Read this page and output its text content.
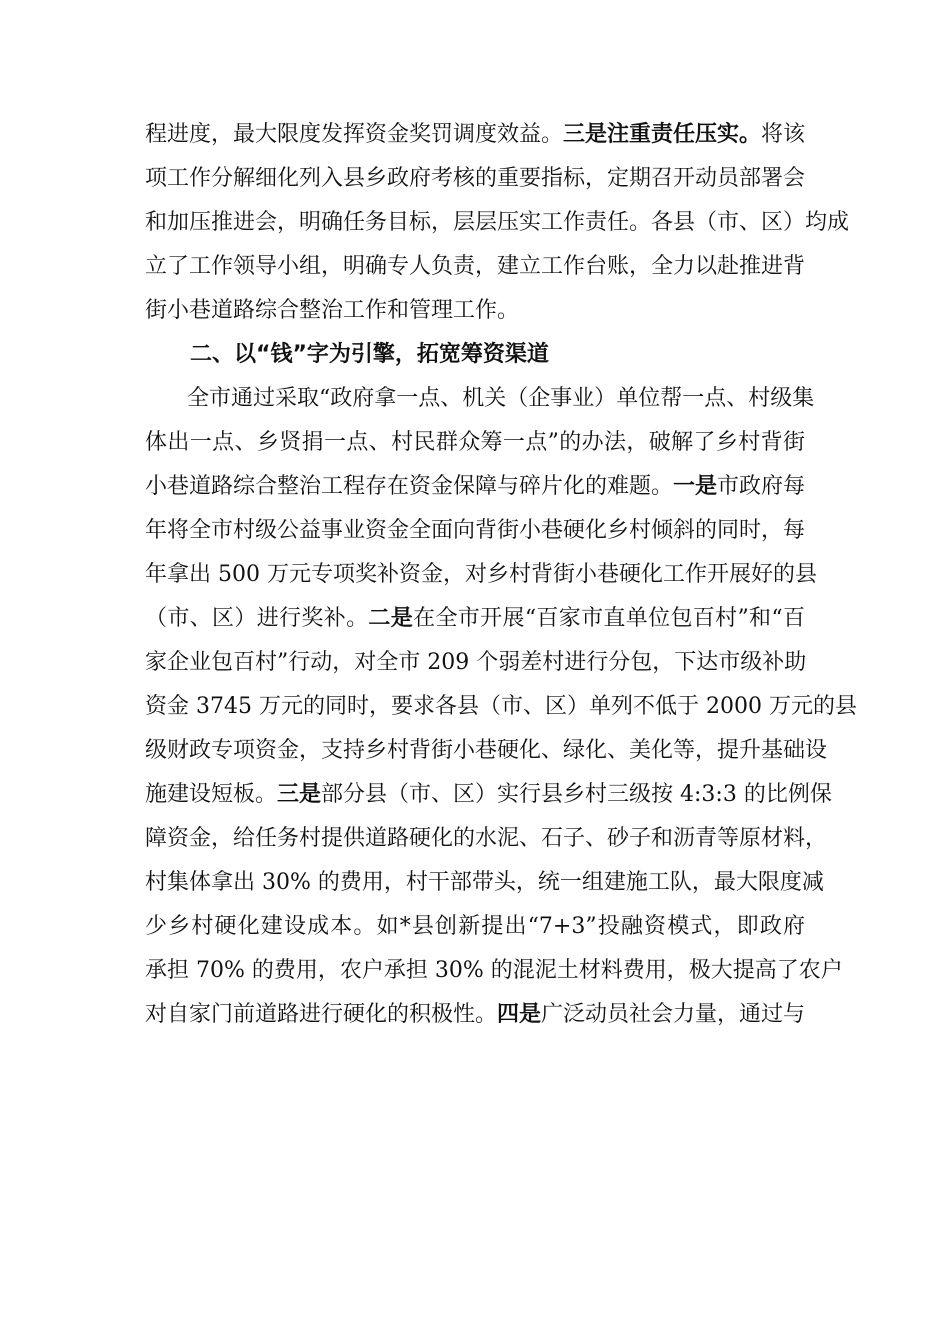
程进度，最大限度发挥资金奖罚调度效益。三是注重责任压实。将该
项工作分解细化列入县乡政府考核的重要指标，定期召开动员部署会
和加压推进会，明确任务目标，层层压实工作责任。各县（市、区）均成
立了工作领导小组，明确专人负责，建立工作台账，全力以赴推进背
街小巷道路综合整治工作和管理工作。
二、以“钱”字为引擎，拓宽筹资渠道
全市通过采取“政府拿一点、机关（企事业）单位帮一点、村级集
体出一点、乡贤捐一点、村民群众筹一点”的办法，破解了乡村背街
小巷道路综合整治工程存在资金保障与碎片化的难题。一是市政府每
年将全市村级公益事业资金全面向背街小巷硬化乡村倾斜的同时，每
年拿出 500 万元专项奖补资金，对乡村背街小巷硬化工作开展好的县
（市、区）进行奖补。二是在全市开展“百家市直单位包百村”和“百
家企业包百村”行动，对全市 209 个弱差村进行分包，下达市级补助
资金 3745 万元的同时，要求各县（市、区）单列不低于 2000 万元的县
级财政专项资金，支持乡村背街小巷硬化、绿化、美化等，提升基础设
施建设短板。三是部分县（市、区）实行县乡村三级按 4:3:3 的比例保
障资金，给任务村提供道路硬化的水泥、石子、砂子和沥青等原材料，
村集体拿出 30% 的费用，村干部带头，统一组建施工队，最大限度减
少乡村硬化建设成本。如*县创新提出“7+3”投融资模式，即政府
承担 70% 的费用，农户承担 30% 的混泥土材料费用，极大提高了农户
对自家门前道路进行硬化的积极性。四是广泛动员社会力量，通过与
